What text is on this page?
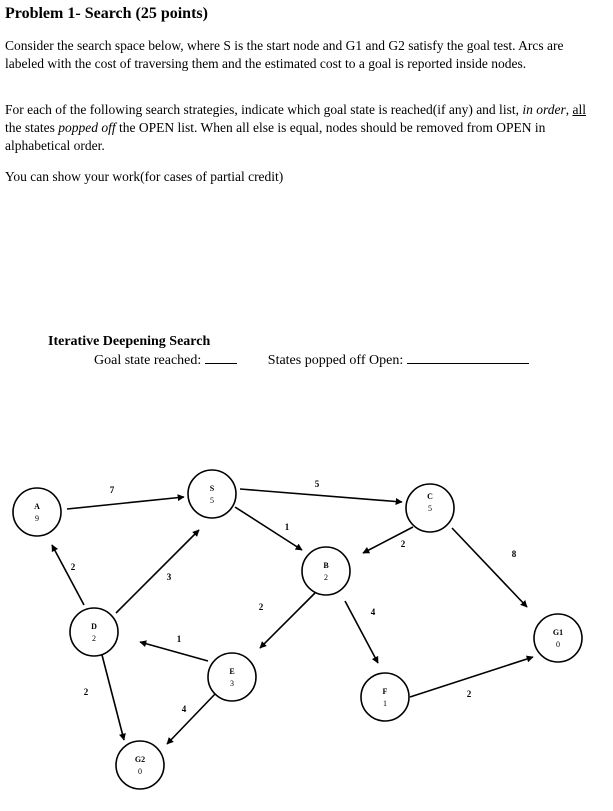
Problem 1- Search (25 points)
Consider the search space below, where S is the start node and G1 and G2 satisfy the goal test. Arcs are labeled with the cost of traversing them and the estimated cost to a goal is reported inside nodes.
For each of the following search strategies, indicate which goal state is reached(if any) and list, in order, all the states popped off the OPEN list. When all else is equal, nodes should be removed from OPEN in alphabetical order.
You can show your work(for cases of partial credit)
Iterative Deepening Search
Goal state reached:	States popped off Open:
7
5
1
2
8
2
3
1
2	4
2
2
4
A
9
S
5	C
5
B
2
D
2
E
3
F
1
G1
0
G2
0
